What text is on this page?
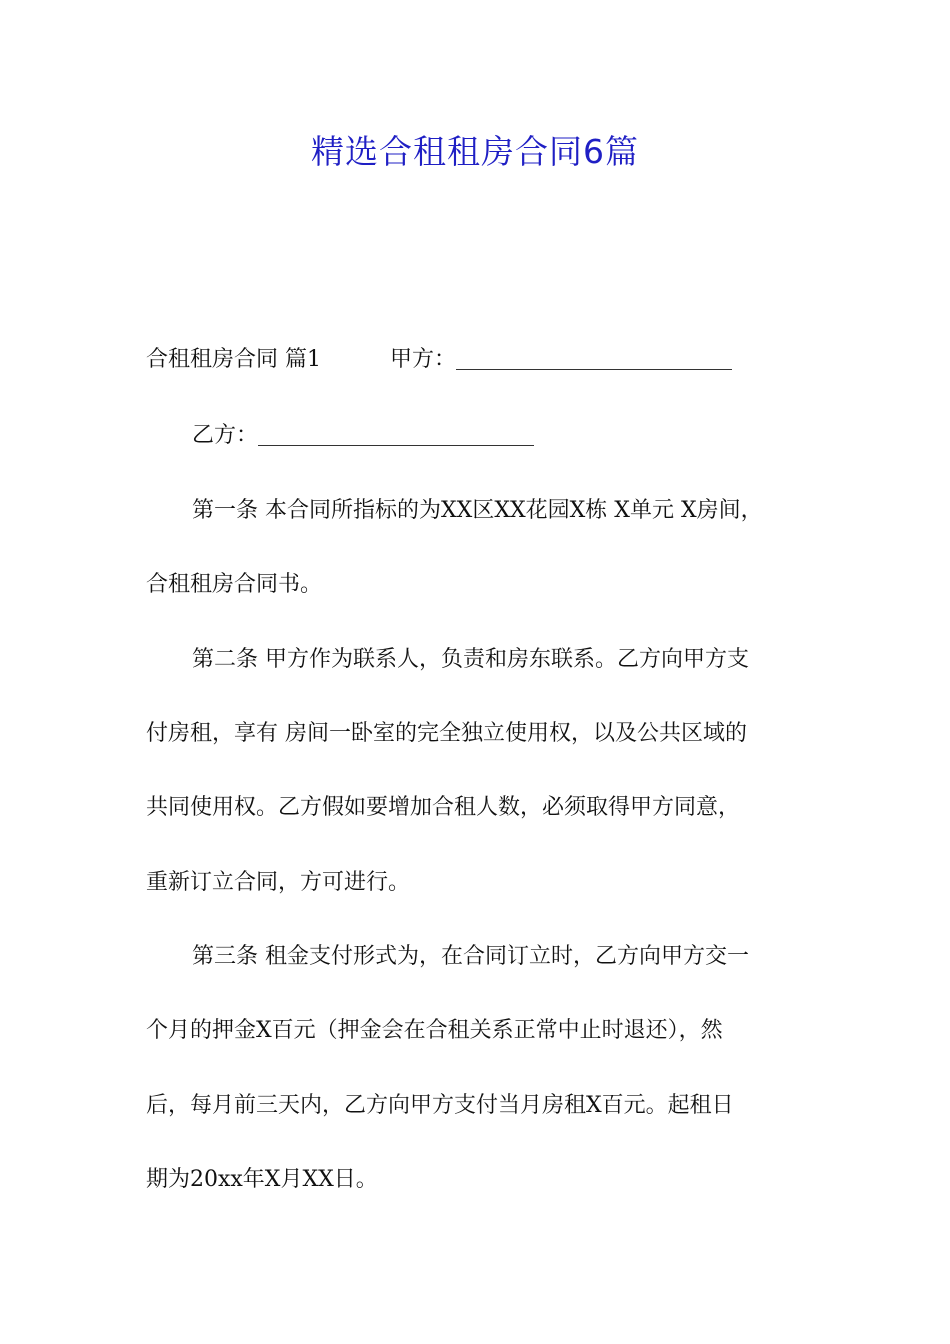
精选合租租房合同6篇
合租租房合同 篇1	甲方：
乙方：
第一条 本合同所指标的为XX区XX花园X栋 X单元 X房间，
合租租房合同书。
第二条 甲方作为联系人，负责和房东联系。乙方向甲方支
付房租，享有 房间一卧室的完全独立使用权，以及公共区域的
共同使用权。乙方假如要增加合租人数，必须取得甲方同意，
重新订立合同，方可进行。
第三条 租金支付形式为，在合同订立时，乙方向甲方交一
个月的押金X百元（押金会在合租关系正常中止时退还），然
后，每月前三天内，乙方向甲方支付当月房租X百元。起租日
期为20xx年X月XX日。
